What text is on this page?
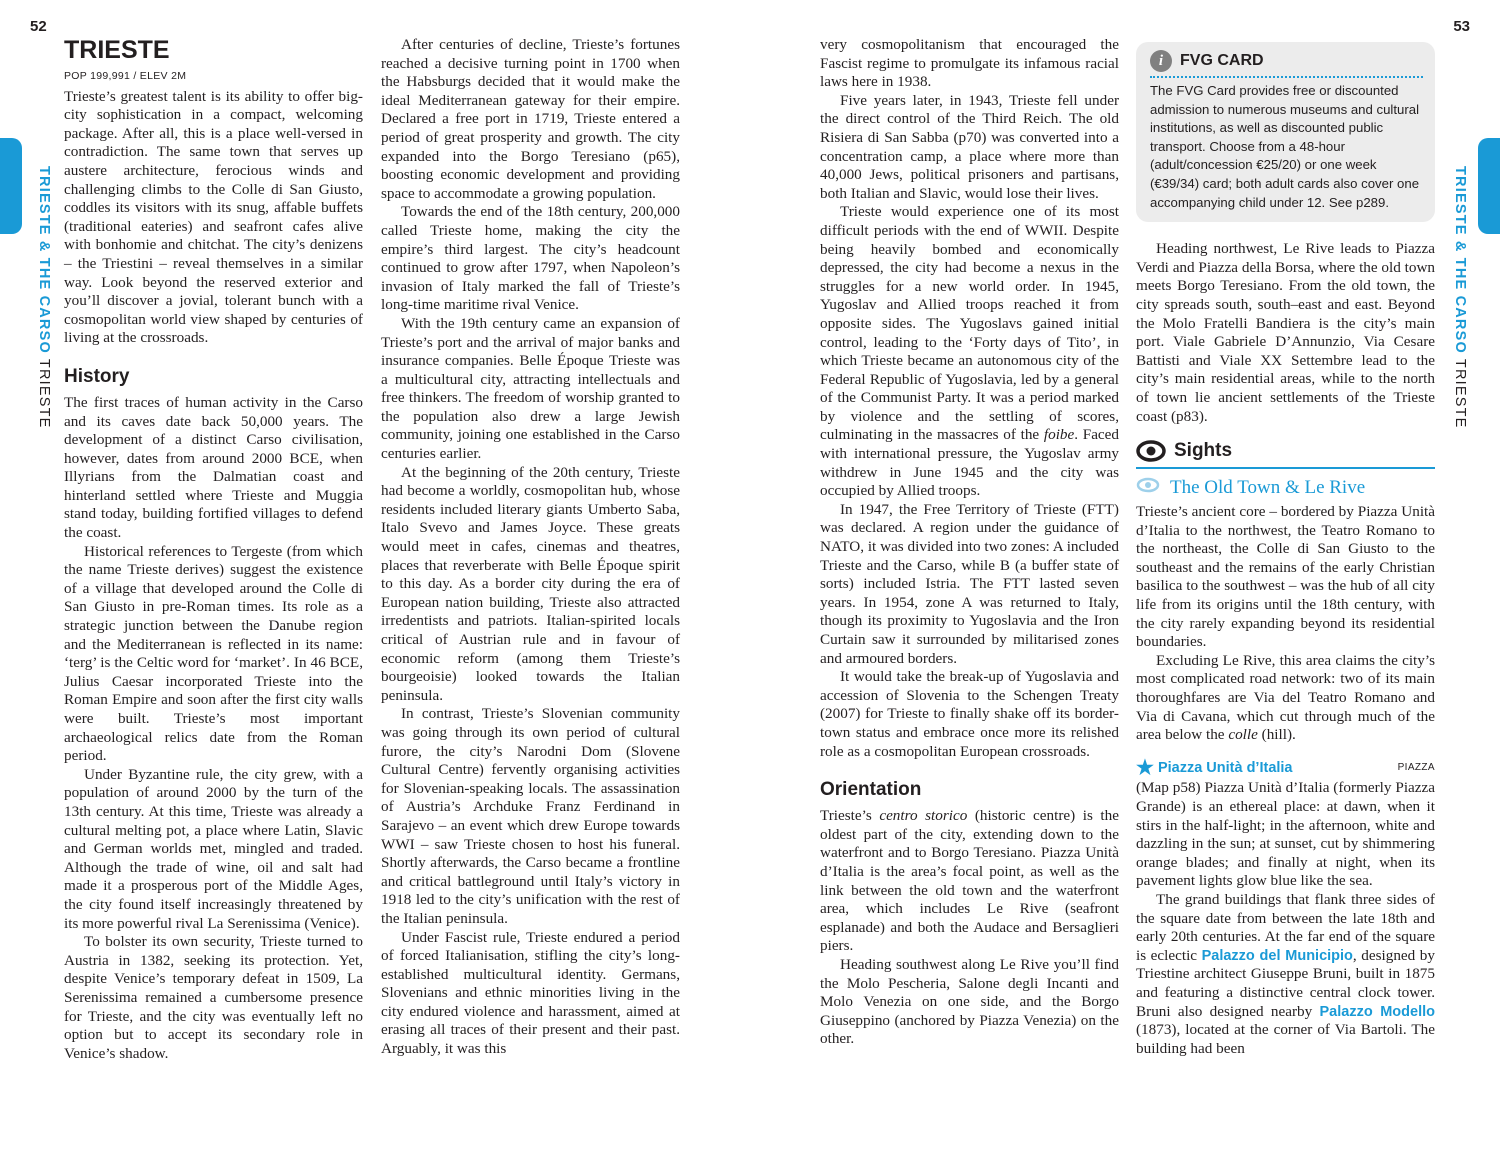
52	53
TRIESTE & THE CARSO TRIESTE
TRIESTE & THE CARSO TRIESTE
TRIESTE
POP 199,991 / ELEV 2M

Trieste’s greatest talent is its ability to offer big-city sophistication in a compact, welcoming package. After all, this is a place well-versed in contradiction. The same town that serves up austere architecture, ferocious winds and challenging climbs to the Colle di San Giusto, coddles its visitors with its snug, affable buffets (traditional eateries) and seafront cafes alive with bonhomie and chitchat. The city’s denizens – the Triestini – reveal themselves in a similar way. Look beyond the reserved exterior and you’ll discover a jovial, tolerant bunch with a cosmopolitan world view shaped by centuries of living at the crossroads.

History

The first traces of human activity in the Carso and its caves date back 50,000 years. The development of a distinct Carso civilisation, however, dates from around 2000 BCE, when Illyrians from the Dalmatian coast and hinterland settled where Trieste and Muggia stand today, building fortified villages to defend the coast.

Historical references to Tergeste (from which the name Trieste derives) suggest the existence of a village that developed around the Colle di San Giusto in pre-Roman times. Its role as a strategic junction between the Danube region and the Mediterranean is reflected in its name: ‘terg’ is the Celtic word for ‘market’. In 46 BCE, Julius Caesar incorporated Trieste into the Roman Empire and soon after the first city walls were built. Trieste’s most important archaeological relics date from the Roman period.

Under Byzantine rule, the city grew, with a population of around 2000 by the turn of the 13th century. At this time, Trieste was already a cultural melting pot, a place where Latin, Slavic and German worlds met, mingled and traded. Although the trade of wine, oil and salt had made it a prosperous port of the Middle Ages, the city found itself increasingly threatened by its more powerful rival La Serenissima (Venice).

To bolster its own security, Trieste turned to Austria in 1382, seeking its protection. Yet, despite Venice’s temporary defeat in 1509, La Serenissima remained a cumbersome presence for Trieste, and the city was eventually left no option but to accept its secondary role in Venice’s shadow.

After centuries of decline, Trieste’s fortunes reached a decisive turning point in 1700 when the Habsburgs decided that it would make the ideal Mediterranean gateway for their empire. Declared a free port in 1719, Trieste entered a period of great prosperity and growth. The city expanded into the Borgo Teresiano (p65), boosting economic development and providing space to accommodate a growing population.

Towards the end of the 18th century, 200,000 called Trieste home, making the city the empire’s third largest. The city’s headcount continued to grow after 1797, when Napoleon’s invasion of Italy marked the fall of Trieste’s long-time maritime rival Venice.

With the 19th century came an expansion of Trieste’s port and the arrival of major banks and insurance companies. Belle Époque Trieste was a multicultural city, attracting intellectuals and free thinkers. The freedom of worship granted to the population also drew a large Jewish community, joining one established in the Carso centuries earlier.

At the beginning of the 20th century, Trieste had become a worldly, cosmopolitan hub, whose residents included literary giants Umberto Saba, Italo Svevo and James Joyce. These greats would meet in cafes, cinemas and theatres, places that reverberate with Belle Époque spirit to this day. As a border city during the era of European nation building, Trieste also attracted irredentists and patriots. Italian-spirited locals critical of Austrian rule and in favour of economic reform (among them Trieste’s bourgeoisie) looked towards the Italian peninsula.

In contrast, Trieste’s Slovenian community was going through its own period of cultural furore, the city’s Narodni Dom (Slovene Cultural Centre) fervently organising activities for Slovenian-speaking locals. The assassination of Austria’s Archduke Franz Ferdinand in Sarajevo – an event which drew Europe towards WWI – saw Trieste chosen to host his funeral. Shortly afterwards, the Carso became a frontline and critical battleground until Italy’s victory in 1918 led to the city’s unification with the rest of the Italian peninsula.

Under Fascist rule, Trieste endured a period of forced Italianisation, stifling the city’s long-established multicultural identity. Germans, Slovenians and ethnic minorities living in the city endured violence and harassment, aimed at erasing all traces of their present and their past. Arguably, it was this

very cosmopolitanism that encouraged the Fascist regime to promulgate its infamous racial laws here in 1938.

Five years later, in 1943, Trieste fell under the direct control of the Third Reich. The old Risiera di San Sabba (p70) was converted into a concentration camp, a place where more than 40,000 Jews, political prisoners and partisans, both Italian and Slavic, would lose their lives.

Trieste would experience one of its most difficult periods with the end of WWII. Despite being heavily bombed and economically depressed, the city had become a nexus in the struggles for a new world order. In 1945, Yugoslav and Allied troops reached it from opposite sides. The Yugoslavs gained initial control, leading to the ‘Forty days of Tito’, in which Trieste became an autonomous city of the Federal Republic of Yugoslavia, led by a general of the Communist Party. It was a period marked by violence and the settling of scores, culminating in the massacres of the foibe. Faced with international pressure, the Yugoslav army withdrew in June 1945 and the city was occupied by Allied troops.

In 1947, the Free Territory of Trieste (FTT) was declared. A region under the guidance of NATO, it was divided into two zones: A included Trieste and the Carso, while B (a buffer state of sorts) included Istria. The FTT lasted seven years. In 1954, zone A was returned to Italy, though its proximity to Yugoslavia and the Iron Curtain saw it surrounded by militarised zones and armoured borders.

It would take the break-up of Yugoslavia and accession of Slovenia to the Schengen Treaty (2007) for Trieste to finally shake off its border-town status and embrace once more its relished role as a cosmopolitan European crossroads.

Orientation

Trieste’s centro storico (historic centre) is the oldest part of the city, extending down to the waterfront and to Borgo Teresiano. Piazza Unità d’Italia is the area’s focal point, as well as the link between the old town and the waterfront area, which includes Le Rive (seafront esplanade) and both the Audace and Bersaglieri piers.

Heading southwest along Le Rive you’ll find the Molo Pescheria, Salone degli Incanti and Molo Venezia on one side, and the Borgo Giuseppino (anchored by Piazza Venezia) on the other.

i	FVG CARD
The FVG Card provides free or discounted admission to numerous museums and cultural institutions, as well as discounted public transport. Choose from a 48-hour (adult/concession €25/20) or one week (€39/34) card; both adult cards also cover one accompanying child under 12. See p289.

Heading northwest, Le Rive leads to Piazza Verdi and Piazza della Borsa, where the old town meets Borgo Teresiano. From the old town, the city spreads south, south–east and east. Beyond the Molo Fratelli Bandiera is the city’s main port. Viale Gabriele D’Annunzio, Via Cesare Battisti and Viale XX Settembre lead to the city’s main residential areas, while to the north of town lie ancient settlements of the Trieste coast (p83).

Sights
The Old Town & Le Rive

Trieste’s ancient core – bordered by Piazza Unità d’Italia to the northwest, the Teatro Romano to the northeast, the Colle di San Giusto to the southeast and the remains of the early Christian basilica to the southwest – was the hub of all city life from its origins until the 18th century, with the city rarely expanding beyond its residential boundaries.

Excluding Le Rive, this area claims the city’s most complicated road network: two of its main thoroughfares are Via del Teatro Romano and Via di Cavana, which cut through much of the area below the colle (hill).

★ Piazza Unità d’Italia	PIAZZA

(Map p58) Piazza Unità d’Italia (formerly Piazza Grande) is an ethereal place: at dawn, when it stirs in the half-light; in the afternoon, white and dazzling in the sun; at sunset, cut by shimmering orange blades; and finally at night, when its pavement lights glow blue like the sea.

The grand buildings that flank three sides of the square date from between the late 18th and early 20th centuries. At the far end of the square is eclectic Palazzo del Municipio, designed by Triestine architect Giuseppe Bruni, built in 1875 and featuring a distinctive central clock tower. Bruni also designed nearby Palazzo Modello (1873), located at the corner of Via Bartoli. The building had been
